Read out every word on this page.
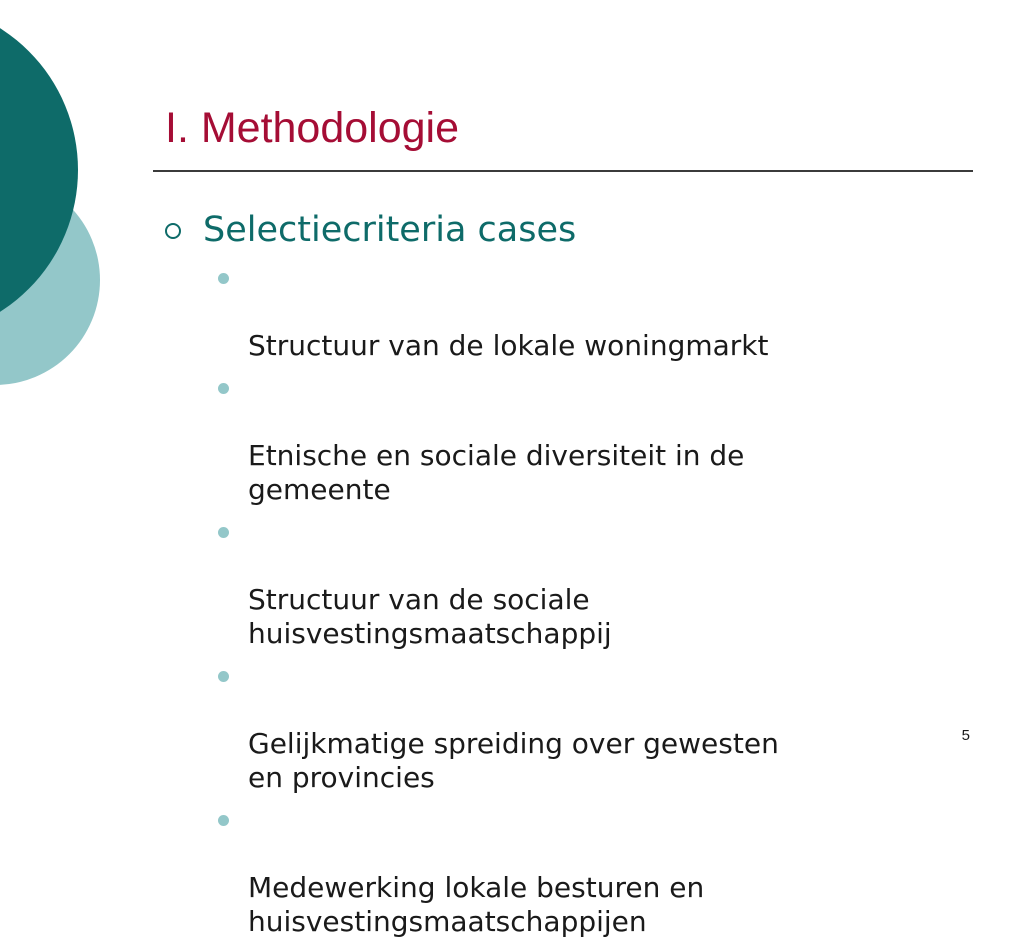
I. Methodologie

Selectiecriteria cases

Structuur van de lokale woningmarkt

Etnische en sociale diversiteit in de
gemeente

Structuur van de sociale
huisvestingsmaatschappij

Gelijkmatige spreiding over gewesten
en provincies

Medewerking lokale besturen en
huisvestingsmaatschappijen

5
